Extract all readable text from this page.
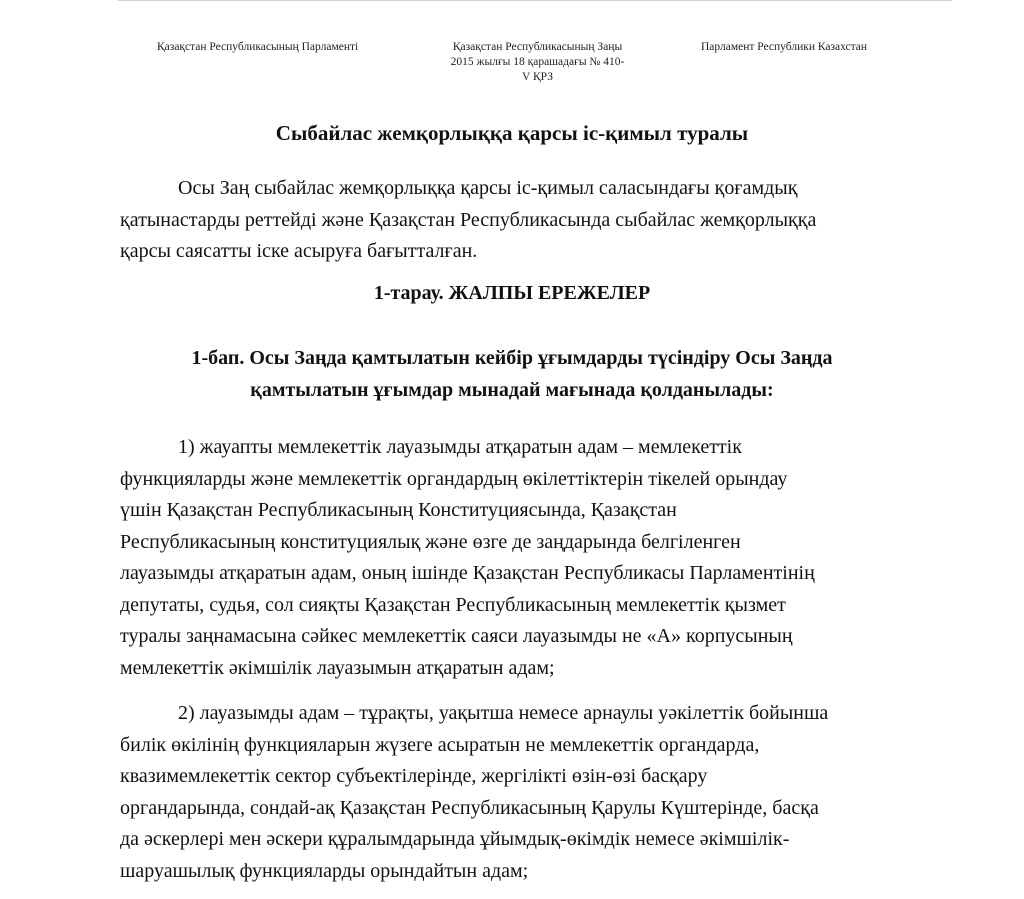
Қазақстан Республикасының Парламенті	Қазақстан Республикасының Заңы
2015 жылғы 18 қарашадағы № 410-
V ҚРЗ
Парламент Республики Казахстан
Сыбайлас жемқорлыққа қарсы іс-қимыл туралы
Осы Заң сыбайлас жемқорлыққа қарсы іс-қимыл саласындағы қоғамдық
қатынастарды реттейді және Қазақстан Республикасында сыбайлас жемқорлыққа
қарсы саясатты іске асыруға бағытталған.
1-тарау. ЖАЛПЫ ЕРЕЖЕЛЕР
1-бап. Осы Заңда қамтылатын кейбір ұғымдарды түсіндіру Осы Заңда
қамтылатын ұғымдар мынадай мағынада қолданылады:
1) жауапты мемлекеттік лауазымды атқаратын адам – мемлекеттік
функцияларды және мемлекеттік органдардың өкілеттіктерін тікелей орындау
үшін Қазақстан Республикасының Конституциясында, Қазақстан
Республикасының конституциялық және өзге де заңдарында белгіленген
лауазымды атқаратын адам, оның ішінде Қазақстан Республикасы Парламентінің
депутаты, судья, сол сияқты Қазақстан Республикасының мемлекеттік қызмет
туралы заңнамасына сәйкес мемлекеттік саяси лауазымды не «А» корпусының
мемлекеттік әкімшілік лауазымын атқаратын адам;
2) лауазымды адам – тұрақты, уақытша немесе арнаулы уәкілеттік бойынша
билік өкілінің функцияларын жүзеге асыратын не мемлекеттік органдарда,
квазимемлекеттік сектор субъектілерінде, жергілікті өзін-өзі басқару
органдарында, сондай-ақ Қазақстан Республикасының Қарулы Күштерінде, басқа
да әскерлері мен әскери құралымдарында ұйымдық-өкімдік немесе әкімшілік-
шаруашылық функцияларды орындайтын адам;
